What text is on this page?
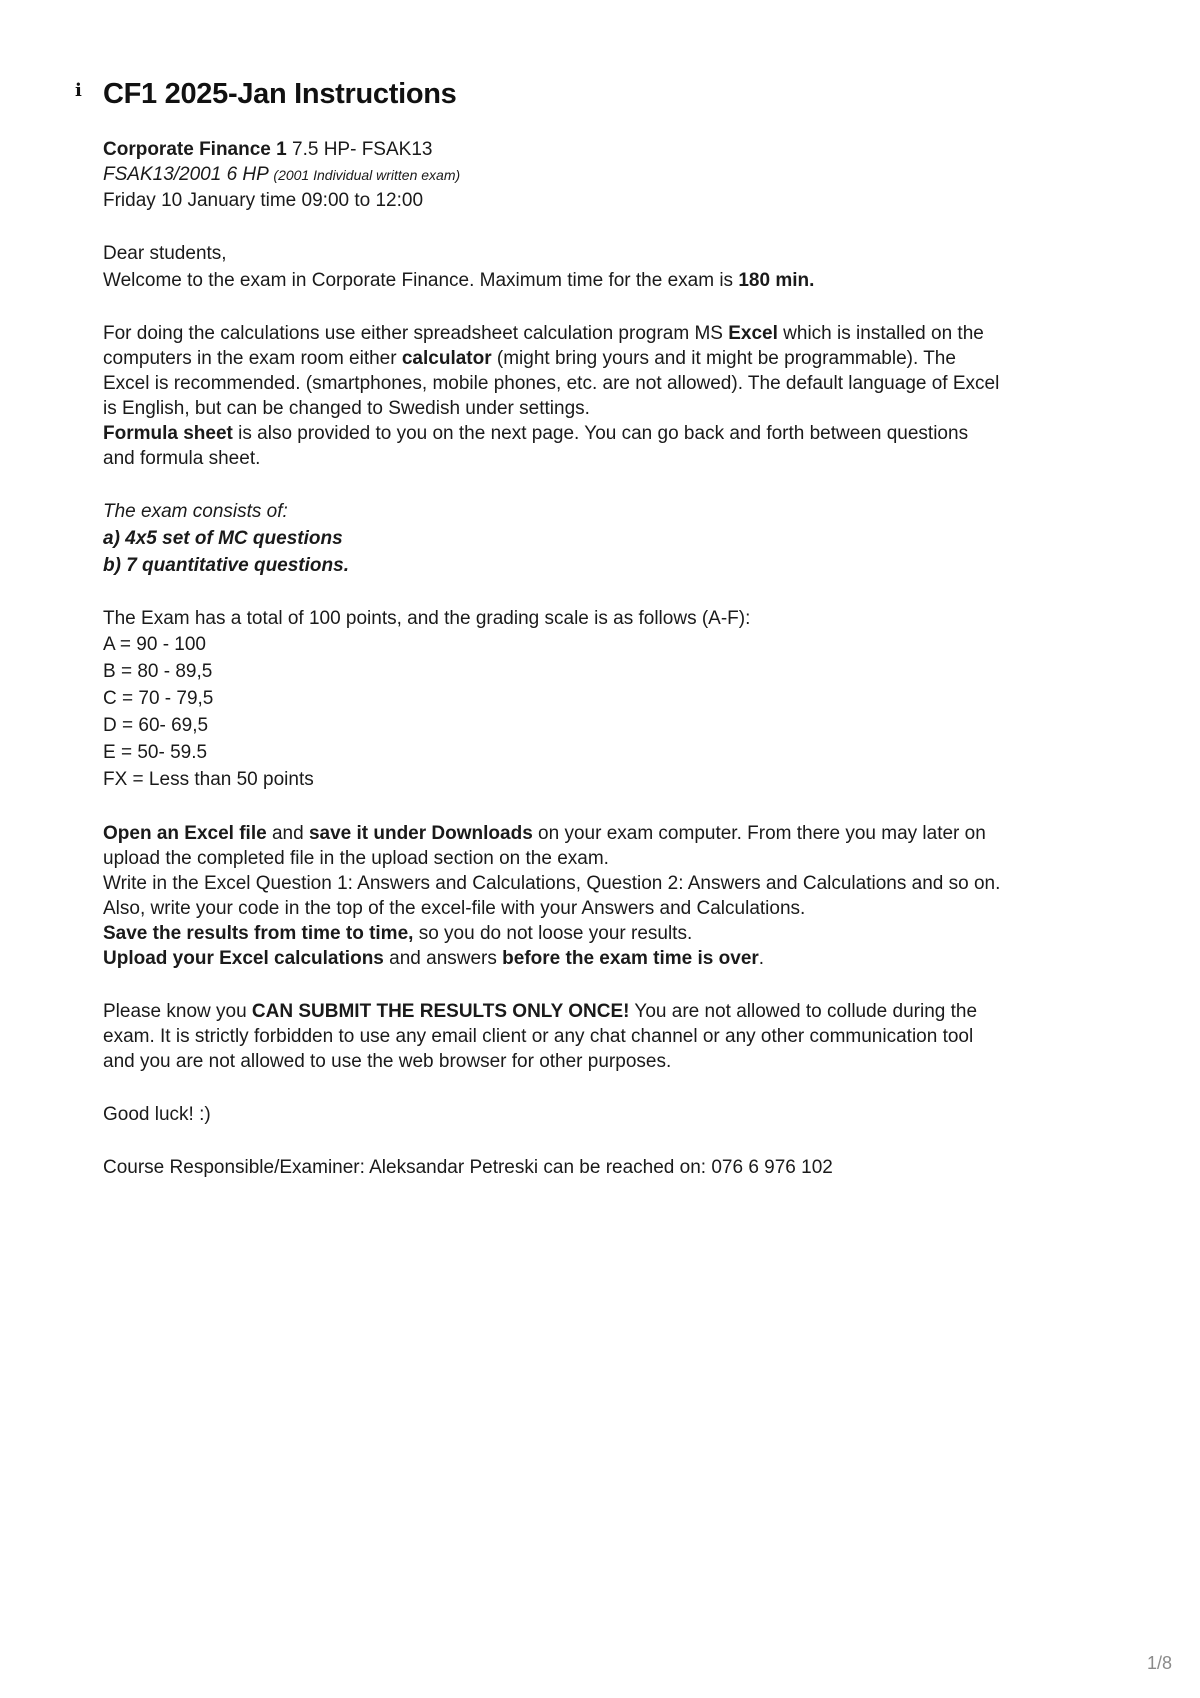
i CF1 2025-Jan Instructions

Corporate Finance 1 7.5 HP- FSAK13

FSAK13/2001 6 HP (2001 Individual written exam)

Friday 10 January time 09:00 to 12:00

Dear students,

Welcome to the exam in Corporate Finance. Maximum time for the exam is 180 min.

For doing the calculations use either spreadsheet calculation program MS Excel which is installed on the computers in the exam room either calculator (might bring yours and it might be programmable). The Excel is recommended. (smartphones, mobile phones, etc. are not allowed). The default language of Excel is English, but can be changed to Swedish under settings.

Formula sheet is also provided to you on the next page. You can go back and forth between questions and formula sheet.

The exam consists of:

a) 4x5 set of MC questions

b) 7 quantitative questions.

The Exam has a total of 100 points, and the grading scale is as follows (A-F):

A = 90 - 100

B = 80 - 89,5

C = 70 - 79,5

D = 60- 69,5

E = 50- 59.5

FX = Less than 50 points

Open an Excel file and save it under Downloads on your exam computer. From there you may later on upload the completed file in the upload section on the exam.

Write in the Excel Question 1: Answers and Calculations, Question 2: Answers and Calculations and so on.

Also, write your code in the top of the excel-file with your Answers and Calculations.

Save the results from time to time, so you do not loose your results.

Upload your Excel calculations and answers before the exam time is over.

Please know you CAN SUBMIT THE RESULTS ONLY ONCE! You are not allowed to collude during the exam. It is strictly forbidden to use any email client or any chat channel or any other communication tool and you are not allowed to use the web browser for other purposes.

Good luck! :)

Course Responsible/Examiner: Aleksandar Petreski can be reached on: 076 6 976 102

1/8
